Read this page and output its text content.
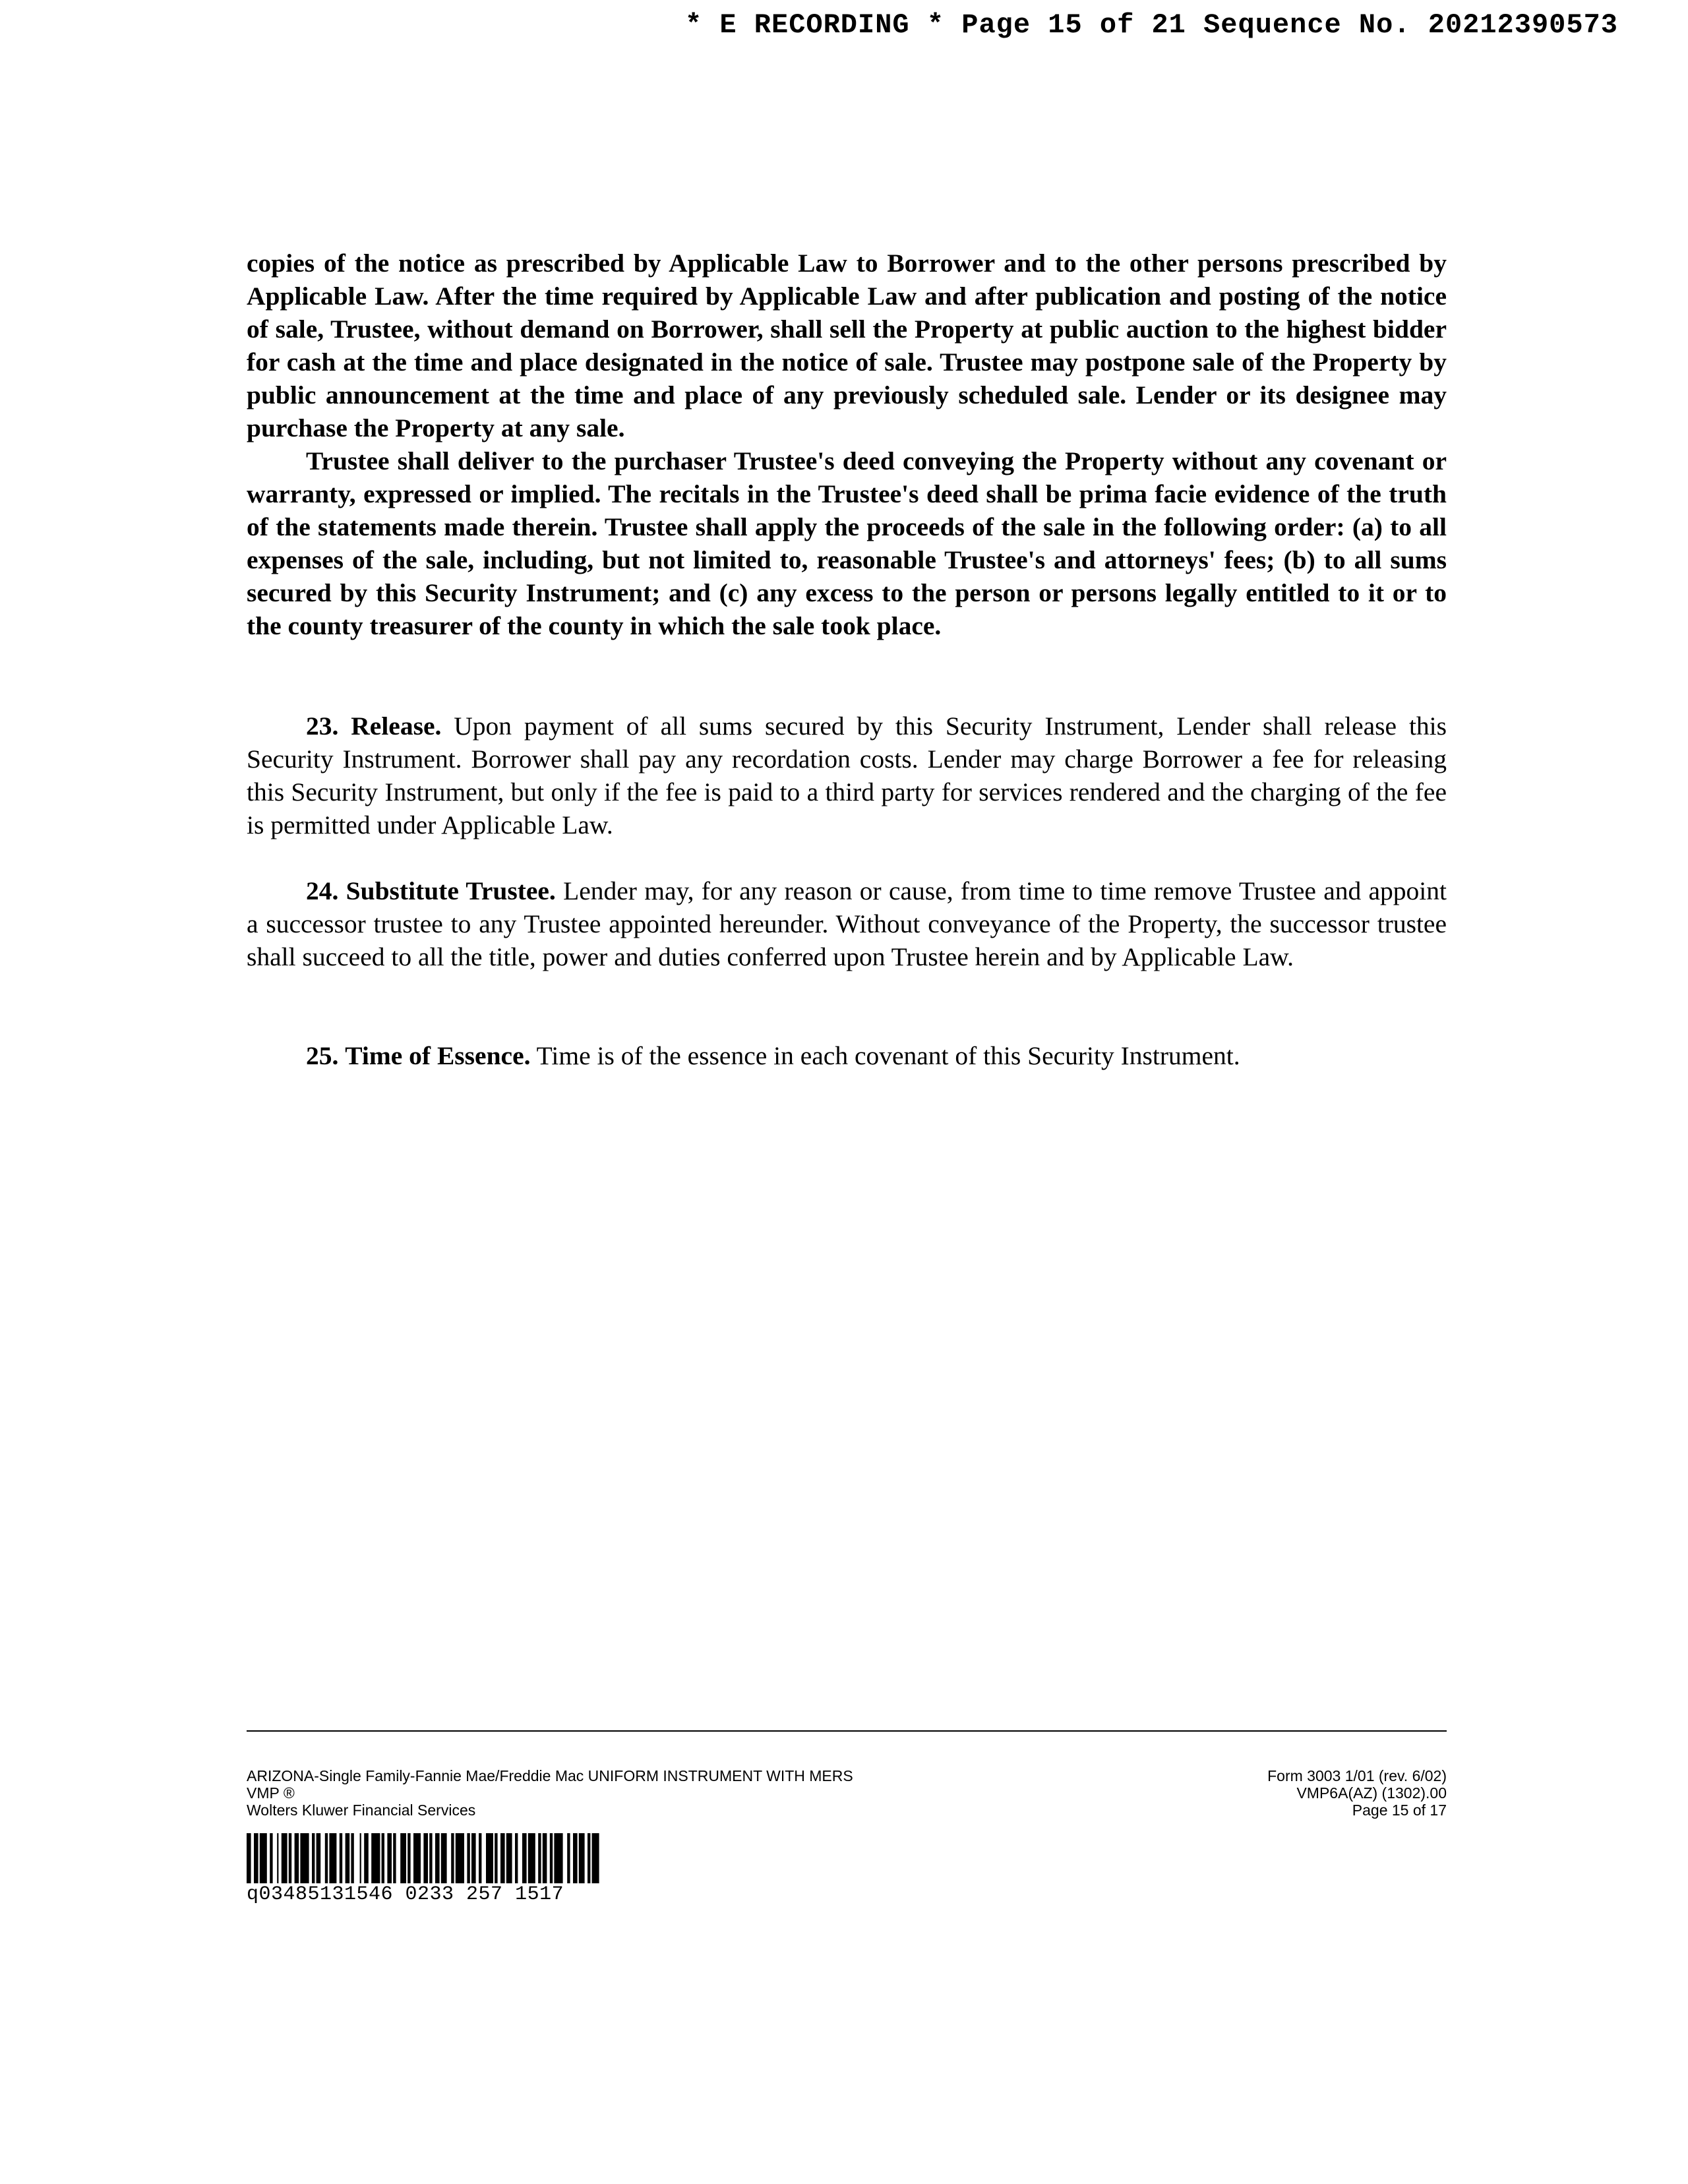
* E RECORDING * Page 15 of 21 Sequence No. 20212390573

copies of the notice as prescribed by Applicable Law to Borrower and to the other persons prescribed by Applicable Law. After the time required by Applicable Law and after publication and posting of the notice of sale, Trustee, without demand on Borrower, shall sell the Property at public auction to the highest bidder for cash at the time and place designated in the notice of sale. Trustee may postpone sale of the Property by public announcement at the time and place of any previously scheduled sale. Lender or its designee may purchase the Property at any sale.

Trustee shall deliver to the purchaser Trustee's deed conveying the Property without any covenant or warranty, expressed or implied. The recitals in the Trustee's deed shall be prima facie evidence of the truth of the statements made therein. Trustee shall apply the proceeds of the sale in the following order: (a) to all expenses of the sale, including, but not limited to, reasonable Trustee's and attorneys' fees; (b) to all sums secured by this Security Instrument; and (c) any excess to the person or persons legally entitled to it or to the county treasurer of the county in which the sale took place.

23. Release. Upon payment of all sums secured by this Security Instrument, Lender shall release this Security Instrument. Borrower shall pay any recordation costs. Lender may charge Borrower a fee for releasing this Security Instrument, but only if the fee is paid to a third party for services rendered and the charging of the fee is permitted under Applicable Law.

24. Substitute Trustee. Lender may, for any reason or cause, from time to time remove Trustee and appoint a successor trustee to any Trustee appointed hereunder. Without conveyance of the Property, the successor trustee shall succeed to all the title, power and duties conferred upon Trustee herein and by Applicable Law.

25. Time of Essence. Time is of the essence in each covenant of this Security Instrument.

ARIZONA-Single Family-Fannie Mae/Freddie Mac UNIFORM INSTRUMENT WITH MERS
VMP ®
Wolters Kluwer Financial Services
Form 3003 1/01 (rev. 6/02)
VMP6A(AZ) (1302).00
Page 15 of 17
q03485131546 0233 257 1517
